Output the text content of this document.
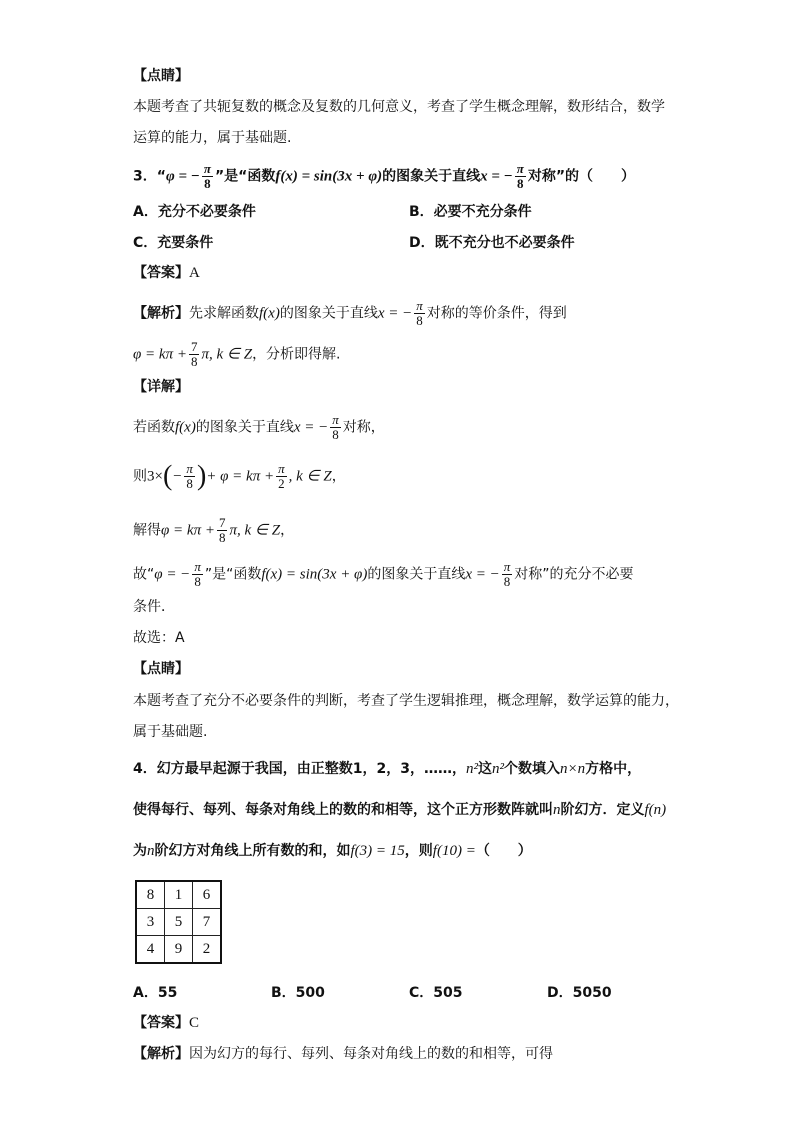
【点睛】
本题考查了共轭复数的概念及复数的几何意义，考查了学生概念理解，数形结合，数学
运算的能力，属于基础题.
3．“φ = − $\frac{\pi}{8}$ ”是“函数f(x) = sin(3x + φ)的图象关于直线x = − $\frac{\pi}{8}$ 对称”的（　　）
A．充分不必要条件	B．必要不充分条件
C．充要条件	D．既不充分也不必要条件
【答案】A
【解析】先求解函数f(x)的图象关于直线x = − $\frac{\pi}{8}$ 对称的等价条件，得到
$\varphi = k\pi + \frac{7}{8} \pi$, k ∈ Z，分析即得解.
【详解】
若函数f(x)的图象关于直线x = − $\frac{\pi}{8}$ 对称，
则$3\times(- \frac{\pi}{8}$ )+ $\varphi = k\pi + \frac{\pi}{2}$ , k ∈ Z，
解得$\varphi = k\pi + \frac{7}{8} \pi$, k ∈ Z，
故“φ = − $\frac{\pi}{8}$ ”是“函数f(x) = sin(3x + φ)的图象关于直线x = − $\frac{\pi}{8}$ 对称”的充分不必要
条件．
故选：A
【点睛】
本题考查了充分不必要条件的判断，考查了学生逻辑推理，概念理解，数学运算的能力，
属于基础题.
4．幻方最早起源于我国，由正整数1，2，3，……，n²这n²个数填入n×n方格中，
使得每行、每列、每条对角线上的数的和相等，这个正方形数阵就叫n阶幻方．定义f(n)
为n阶幻方对角线上所有数的和，如f(3) = 15，则f(10) =（　　）
8	1	6
3	5	7
4	9	2
A．55	B．500	C．505	D．5050
【答案】C
【解析】因为幻方的每行、每列、每条对角线上的数的和相等，可得
